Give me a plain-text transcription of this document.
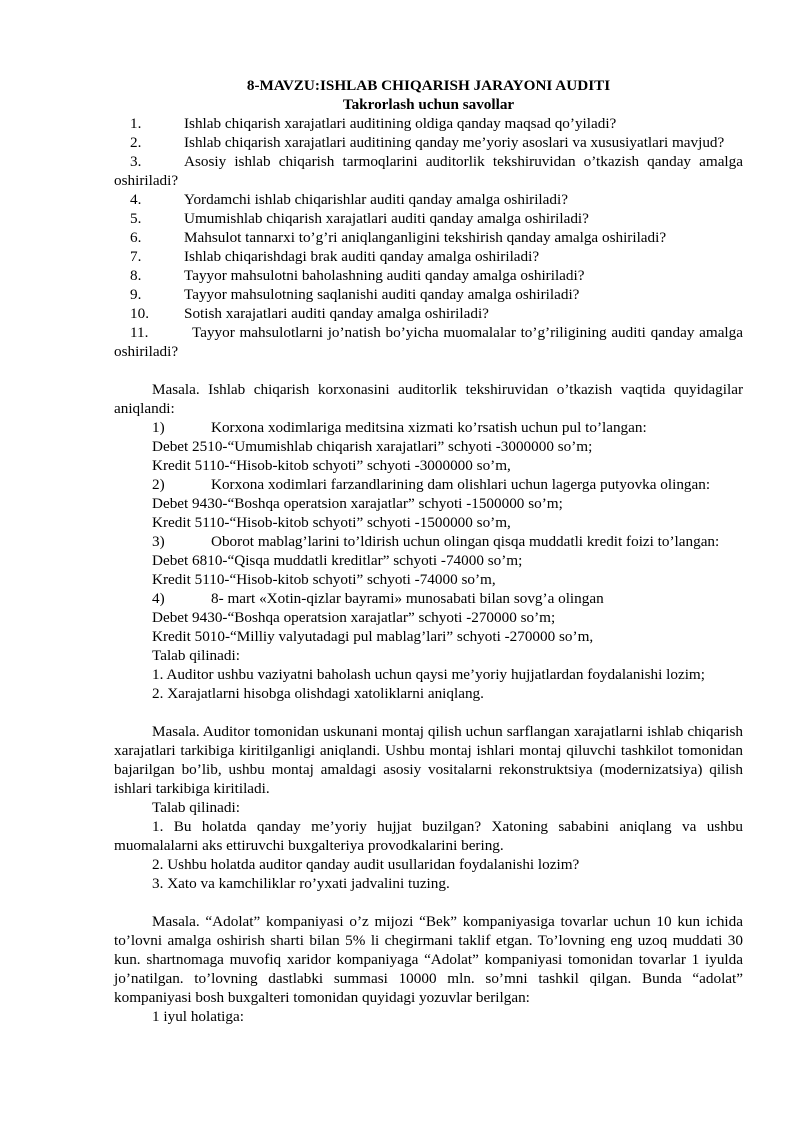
8-MAVZU:ISHLAB CHIQARISH JARAYONI AUDITI
Takrorlash uchun savollar
1.	Ishlab chiqarish xarajatlari auditining oldiga qanday maqsad qo’yiladi?
2.	Ishlab chiqarish xarajatlari auditining qanday me’yoriy asoslari va xususiyatlari mavjud?
3.	Asosiy ishlab chiqarish tarmoqlarini auditorlik tekshiruvidan o’tkazish qanday amalga oshiriladi?
4.	Yordamchi ishlab chiqarishlar auditi qanday amalga oshiriladi?
5.	Umumishlab chiqarish xarajatlari auditi qanday amalga oshiriladi?
6.	Mahsulot tannarxi to’g’ri aniqlanganligini tekshirish qanday amalga oshiriladi?
7.	Ishlab chiqarishdagi brak auditi qanday amalga oshiriladi?
8.	Tayyor mahsulotni baholashning auditi qanday amalga oshiriladi?
9.	Tayyor mahsulotning saqlanishi auditi qanday amalga oshiriladi?
10. Sotish xarajatlari auditi qanday amalga oshiriladi?
11.	Tayyor mahsulotlarni jo’natish bo’yicha muomalalar to’g’riligining auditi qanday amalga oshiriladi?
Masala. Ishlab chiqarish korxonasini auditorlik tekshiruvidan o’tkazish vaqtida quyidagilar aniqlandi:
1)	Korxona xodimlariga meditsina xizmati ko’rsatish uchun pul to’langan:
Debet 2510-“Umumishlab chiqarish xarajatlari” schyoti -3000000 so’m;
Kredit 5110-“Hisob-kitob schyoti” schyoti -3000000 so’m,
2)	Korxona xodimlari farzandlarining dam olishlari uchun lagerga putyovka olingan:
Debet 9430-“Boshqa operatsion xarajatlar” schyoti -1500000 so’m;
Kredit 5110-“Hisob-kitob schyoti” schyoti -1500000 so’m,
3)	Oborot mablag’larini to’ldirish uchun olingan qisqa muddatli kredit foizi to’langan:
Debet 6810-“Qisqa muddatli kreditlar” schyoti -74000 so’m;
Kredit 5110-“Hisob-kitob schyoti” schyoti -74000 so’m,
4)	8- mart «Xotin-qizlar bayrami» munosabati bilan sovg’a olingan
Debet 9430-“Boshqa operatsion xarajatlar” schyoti -270000 so’m;
Kredit 5010-“Milliy valyutadagi pul mablag’lari” schyoti -270000 so’m,
Talab qilinadi:
1. Auditor ushbu vaziyatni baholash uchun qaysi me’yoriy hujjatlardan foydalanishi lozim;
2. Xarajatlarni hisobga olishdagi xatoliklarni aniqlang.
Masala. Auditor tomonidan uskunani montaj qilish uchun sarflangan xarajatlarni ishlab chiqarish xarajatlari tarkibiga kiritilganligi aniqlandi. Ushbu montaj ishlari montaj qiluvchi tashkilot tomonidan bajarilgan bo’lib, ushbu montaj amaldagi asosiy vositalarni rekonstruktsiya (modernizatsiya) qilish ishlari tarkibiga kiritiladi.
Talab qilinadi:
1. Bu holatda qanday me’yoriy hujjat buzilgan? Xatoning sababini aniqlang va ushbu muomalalarni aks ettiruvchi buxgalteriya provodkalarini bering.
2. Ushbu holatda auditor qanday audit usullaridan foydalanishi lozim?
3. Xato va kamchiliklar ro’yxati jadvalini tuzing.
Masala. “Adolat” kompaniyasi o’z mijozi “Bek” kompaniyasiga tovarlar uchun 10 kun ichida to’lovni amalga oshirish sharti bilan 5% li chegirmani taklif etgan. To’lovning eng uzoq muddati 30 kun. shartnomaga muvofiq xaridor kompaniyaga “Adolat” kompaniyasi tomonidan tovarlar 1 iyulda jo’natilgan. to’lovning dastlabki summasi 10000 mln. so’mni tashkil qilgan. Bunda “adolat” kompaniyasi bosh buxgalteri tomonidan quyidagi yozuvlar berilgan:
1 iyul holatiga:
